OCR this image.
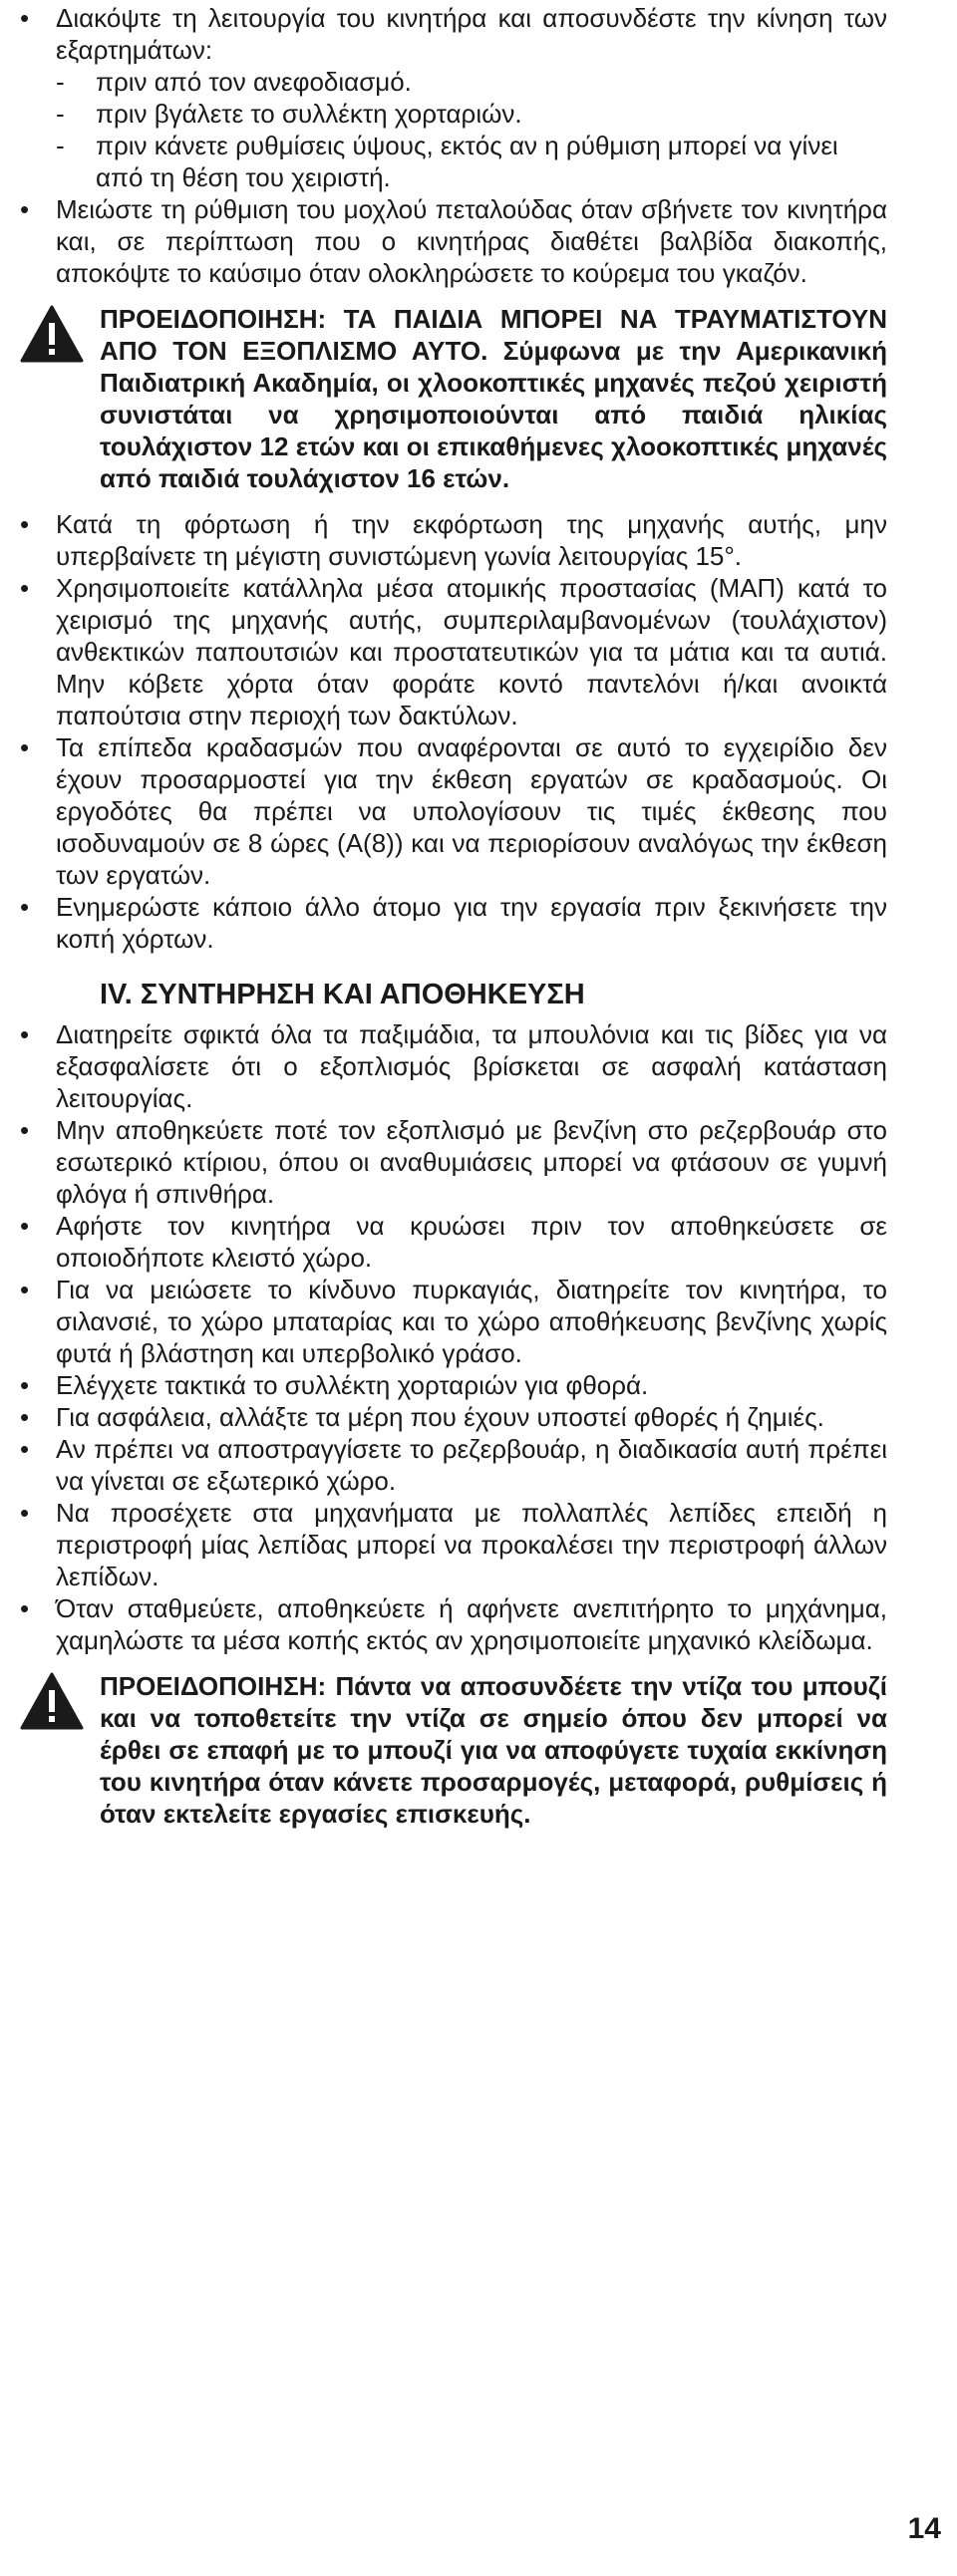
• Διακόψτε τη λειτουργία του κινητήρα και αποσυνδέστε την κίνηση των εξαρτημάτων:
-	πριν από τον ανεφοδιασμό.
-	πριν βγάλετε το συλλέκτη χορταριών.
-	πριν κάνετε ρυθμίσεις ύψους, εκτός αν η ρύθμιση μπορεί να γίνει από τη θέση του χειριστή.
• Μειώστε τη ρύθμιση του μοχλού πεταλούδας όταν σβήνετε τον κινητήρα και, σε περίπτωση που ο κινητήρας διαθέτει βαλβίδα διακοπής, αποκόψτε το καύσιμο όταν ολοκληρώσετε το κούρεμα του γκαζόν.
ΠΡΟΕΙΔΟΠΟΙΗΣΗ: ΤΑ ΠΑΙΔΙΑ ΜΠΟΡΕΙ ΝΑ ΤΡΑΥΜΑΤΙΣΤΟΥΝ ΑΠΟ ΤΟΝ ΕΞΟΠΛΙΣΜΟ ΑΥΤΟ. Σύμφωνα με την Αμερικανική Παιδιατρική Ακαδημία, οι χλοοκοπτικές μηχανές πεζού χειριστή συνιστάται να χρησιμοποιούνται από παιδιά ηλικίας τουλάχιστον 12 ετών και οι επικαθήμενες χλοοκοπτικές μηχανές από παιδιά τουλάχιστον 16 ετών.
• Κατά τη φόρτωση ή την εκφόρτωση της μηχανής αυτής, μην υπερβαίνετε τη μέγιστη συνιστώμενη γωνία λειτουργίας 15°.
• Χρησιμοποιείτε κατάλληλα μέσα ατομικής προστασίας (ΜΑΠ) κατά το χειρισμό της μηχανής αυτής, συμπεριλαμβανομένων (τουλάχιστον) ανθεκτικών παπουτσιών και προστατευτικών για τα μάτια και τα αυτιά. Μην κόβετε χόρτα όταν φοράτε κοντό παντελόνι ή/και ανοικτά παπούτσια στην περιοχή των δακτύλων.
• Τα επίπεδα κραδασμών που αναφέρονται σε αυτό το εγχειρίδιο δεν έχουν προσαρμοστεί για την έκθεση εργατών σε κραδασμούς. Οι εργοδότες θα πρέπει να υπολογίσουν τις τιμές έκθεσης που ισοδυναμούν σε 8 ώρες (A(8)) και να περιορίσουν αναλόγως την έκθεση των εργατών.
• Ενημερώστε κάποιο άλλο άτομο για την εργασία πριν ξεκινήσετε την κοπή χόρτων.
IV. ΣΥΝΤΗΡΗΣΗ ΚΑΙ ΑΠΟΘΗΚΕΥΣΗ
• Διατηρείτε σφικτά όλα τα παξιμάδια, τα μπουλόνια και τις βίδες για να εξασφαλίσετε ότι ο εξοπλισμός βρίσκεται σε ασφαλή κατάσταση λειτουργίας.
• Μην αποθηκεύετε ποτέ τον εξοπλισμό με βενζίνη στο ρεζερβουάρ στο εσωτερικό κτίριου, όπου οι αναθυμιάσεις μπορεί να φτάσουν σε γυμνή φλόγα ή σπινθήρα.
• Αφήστε τον κινητήρα να κρυώσει πριν τον αποθηκεύσετε σε οποιοδήποτε κλειστό χώρο.
• Για να μειώσετε το κίνδυνο πυρκαγιάς, διατηρείτε τον κινητήρα, το σιλανσιέ, το χώρο μπαταρίας και το χώρο αποθήκευσης βενζίνης χωρίς φυτά ή βλάστηση και υπερβολικό γράσο.
• Ελέγχετε τακτικά το συλλέκτη χορταριών για φθορά.
• Για ασφάλεια, αλλάξτε τα μέρη που έχουν υποστεί φθορές ή ζημιές.
• Αν πρέπει να αποστραγγίσετε το ρεζερβουάρ, η διαδικασία αυτή πρέπει να γίνεται σε εξωτερικό χώρο.
• Να προσέχετε στα μηχανήματα με πολλαπλές λεπίδες επειδή η περιστροφή μίας λεπίδας μπορεί να προκαλέσει την περιστροφή άλλων λεπίδων.
• Όταν σταθμεύετε, αποθηκεύετε ή αφήνετε ανεπιτήρητο το μηχάνημα, χαμηλώστε τα μέσα κοπής εκτός αν χρησιμοποιείτε μηχανικό κλείδωμα.
ΠΡΟΕΙΔΟΠΟΙΗΣΗ: Πάντα να αποσυνδέετε την ντίζα του μπουζί και να τοποθετείτε την ντίζα σε σημείο όπου δεν μπορεί να έρθει σε επαφή με το μπουζί για να αποφύγετε τυχαία εκκίνηση του κινητήρα όταν κάνετε προσαρμογές, μεταφορά, ρυθμίσεις ή όταν εκτελείτε εργασίες επισκευής.
14
